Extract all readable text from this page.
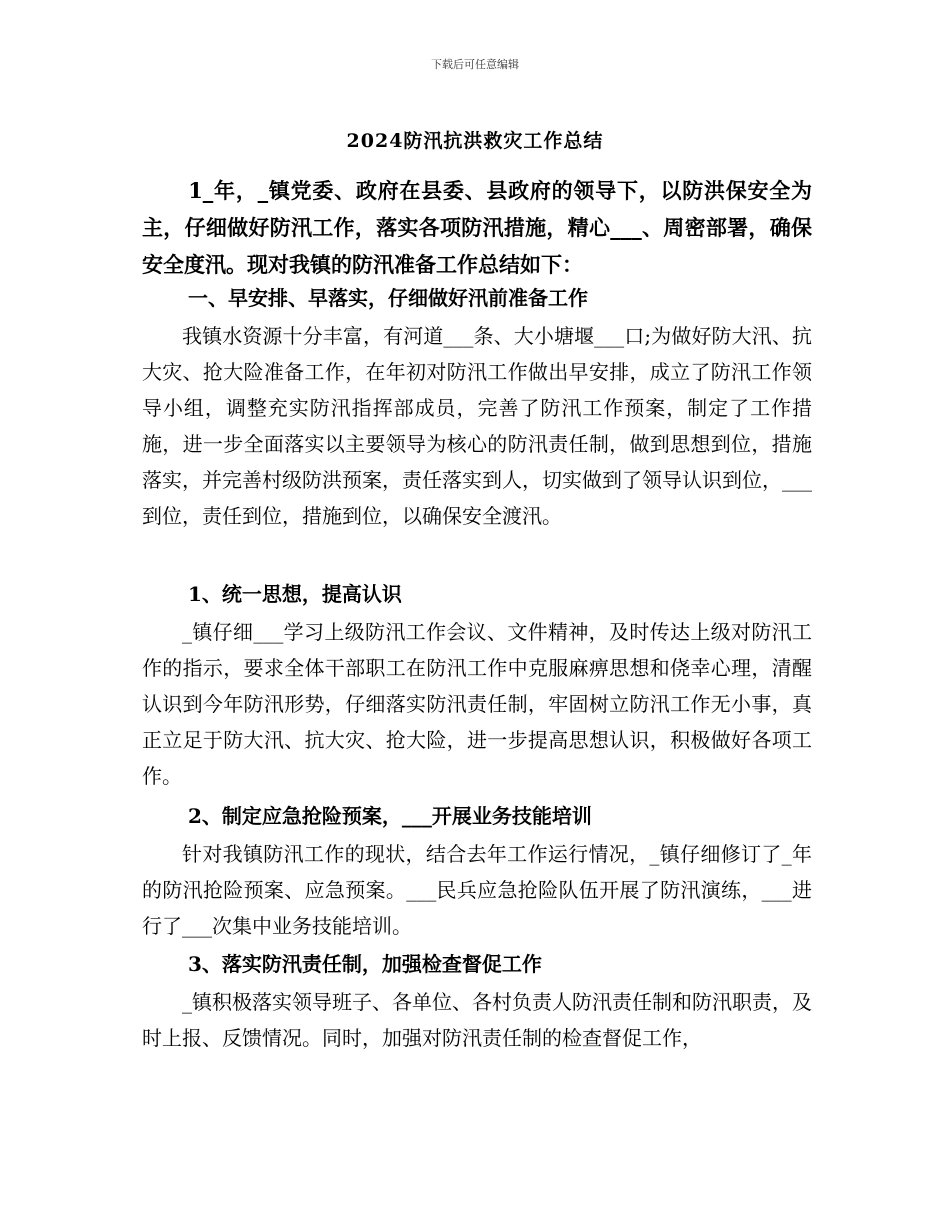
下载后可任意编辑
2024防汛抗洪救灾工作总结

1_年，_镇党委、政府在县委、县政府的领导下，以防洪保安全为主，仔细做好防汛工作，落实各项防汛措施，精心___、周密部署，确保安全度汛。现对我镇的防汛准备工作总结如下：

一、早安排、早落实，仔细做好汛前准备工作

我镇水资源十分丰富，有河道___条、大小塘堰___口;为做好防大汛、抗大灾、抢大险准备工作，在年初对防汛工作做出早安排，成立了防汛工作领导小组，调整充实防汛指挥部成员，完善了防汛工作预案，制定了工作措施，进一步全面落实以主要领导为核心的防汛责任制，做到思想到位，措施落实，并完善村级防洪预案，责任落实到人，切实做到了领导认识到位，___到位，责任到位，措施到位，以确保安全渡汛。

1、统一思想，提高认识

_镇仔细___学习上级防汛工作会议、文件精神，及时传达上级对防汛工作的指示，要求全体干部职工在防汛工作中克服麻痹思想和侥幸心理，清醒认识到今年防汛形势，仔细落实防汛责任制，牢固树立防汛工作无小事，真正立足于防大汛、抗大灾、抢大险，进一步提高思想认识，积极做好各项工作。

2、制定应急抢险预案，___开展业务技能培训

针对我镇防汛工作的现状，结合去年工作运行情况，_镇仔细修订了_年的防汛抢险预案、应急预案。___民兵应急抢险队伍开展了防汛演练，___进行了___次集中业务技能培训。

3、落实防汛责任制，加强检查督促工作

_镇积极落实领导班子、各单位、各村负责人防汛责任制和防汛职责，及时上报、反馈情况。同时，加强对防汛责任制的检查督促工作，
